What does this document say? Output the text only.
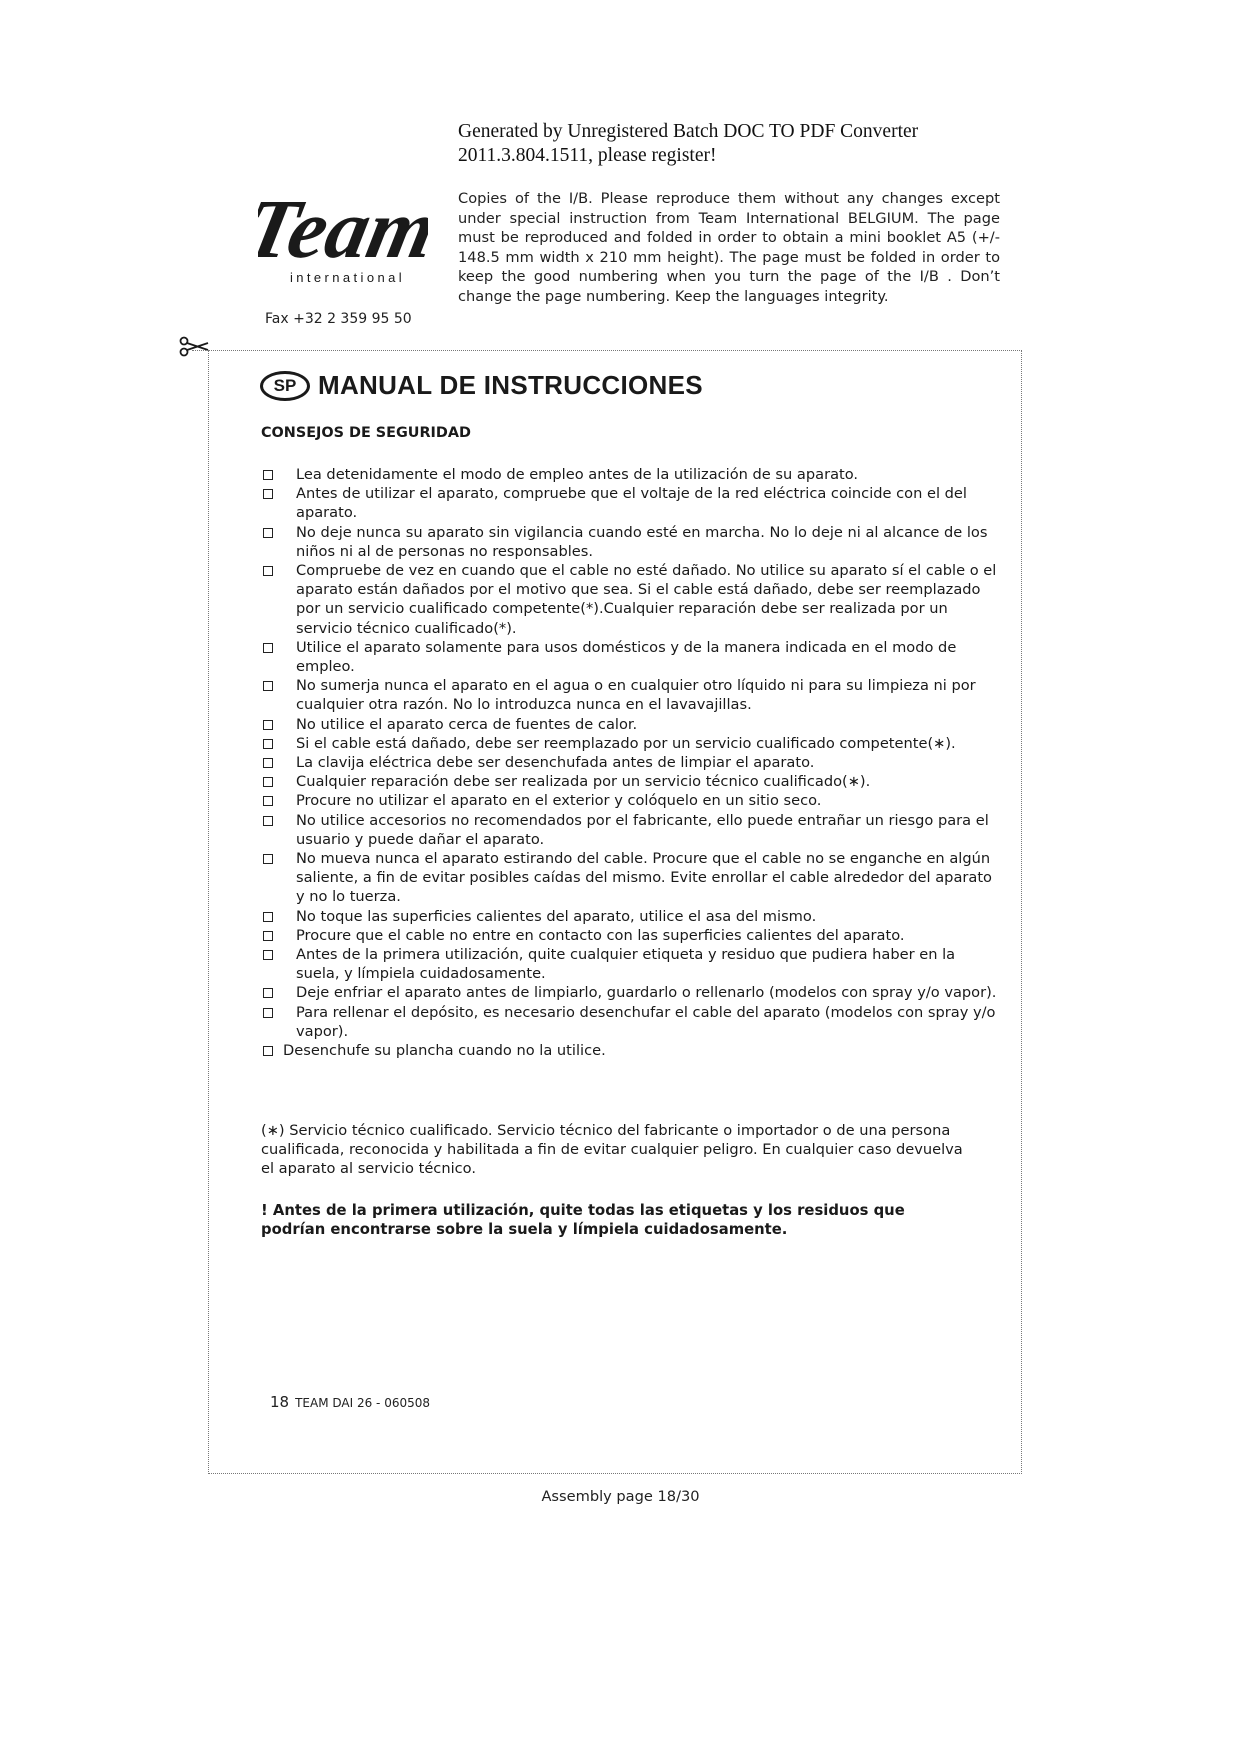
Generated by Unregistered Batch DOC TO PDF Converter
2011.3.804.1511, please register!
Team
international
Fax +32 2 359 95 50
Copies of the I/B. Please reproduce them without any changes except under special instruction from Team International BELGIUM. The page must be reproduced and folded in order to obtain a mini booklet A5 (+/- 148.5 mm width x 210 mm height). The page must be folded in order to keep the good numbering when you turn the page of the I/B . Don’t change the page numbering. Keep the languages integrity.
SP MANUAL DE INSTRUCCIONES
CONSEJOS DE SEGURIDAD
Lea detenidamente el modo de empleo antes de la utilización de su aparato.
Antes de utilizar el aparato, compruebe que el voltaje de la red eléctrica coincide con el del aparato.
No deje nunca su aparato sin vigilancia cuando esté en marcha. No lo deje ni al alcance de los niños ni al de personas no responsables.
Compruebe de vez en cuando que el cable no esté dañado. No utilice su aparato sí el cable o el aparato están dañados por el motivo que sea. Si el cable está dañado, debe ser reemplazado por un servicio cualificado competente(*).Cualquier reparación debe ser realizada por un servicio técnico cualificado(*).
Utilice el aparato solamente para usos domésticos y de la manera indicada en el modo de empleo.
No sumerja nunca el aparato en el agua o en cualquier otro líquido ni para su limpieza ni por cualquier otra razón. No lo introduzca nunca en el lavavajillas.
No utilice el aparato cerca de fuentes de calor.
Si el cable está dañado, debe ser reemplazado por un servicio cualificado competente(∗).
La clavija eléctrica debe ser desenchufada antes de limpiar el aparato.
Cualquier reparación debe ser realizada por un servicio técnico cualificado(∗).
Procure no utilizar el aparato en el exterior y colóquelo en un sitio seco.
No utilice accesorios no recomendados por el fabricante, ello puede entrañar un riesgo para el usuario y puede dañar el aparato.
No mueva nunca el aparato estirando del cable. Procure que el cable no se enganche en algún saliente, a fin de evitar posibles caídas del mismo. Evite enrollar el cable alrededor del aparato y no lo tuerza.
No toque las superficies calientes del aparato, utilice el asa del mismo.
Procure que el cable no entre en contacto con las superficies calientes del aparato.
Antes de la primera utilización, quite cualquier etiqueta y residuo que pudiera haber en la suela, y límpiela cuidadosamente.
Deje enfriar el aparato antes de limpiarlo, guardarlo o rellenarlo (modelos con spray y/o vapor).
Para rellenar el depósito, es necesario desenchufar el cable del aparato (modelos con spray y/o vapor).
Desenchufe su plancha cuando no la utilice.
(∗) Servicio técnico cualificado. Servicio técnico del fabricante o importador o de una persona cualificada, reconocida y habilitada a fin de evitar cualquier peligro. En cualquier caso devuelva el aparato al servicio técnico.
! Antes de la primera utilización, quite todas las etiquetas y los residuos que podrían encontrarse sobre la suela y límpiela cuidadosamente.
18 TEAM DAI 26 - 060508
Assembly page 18/30
